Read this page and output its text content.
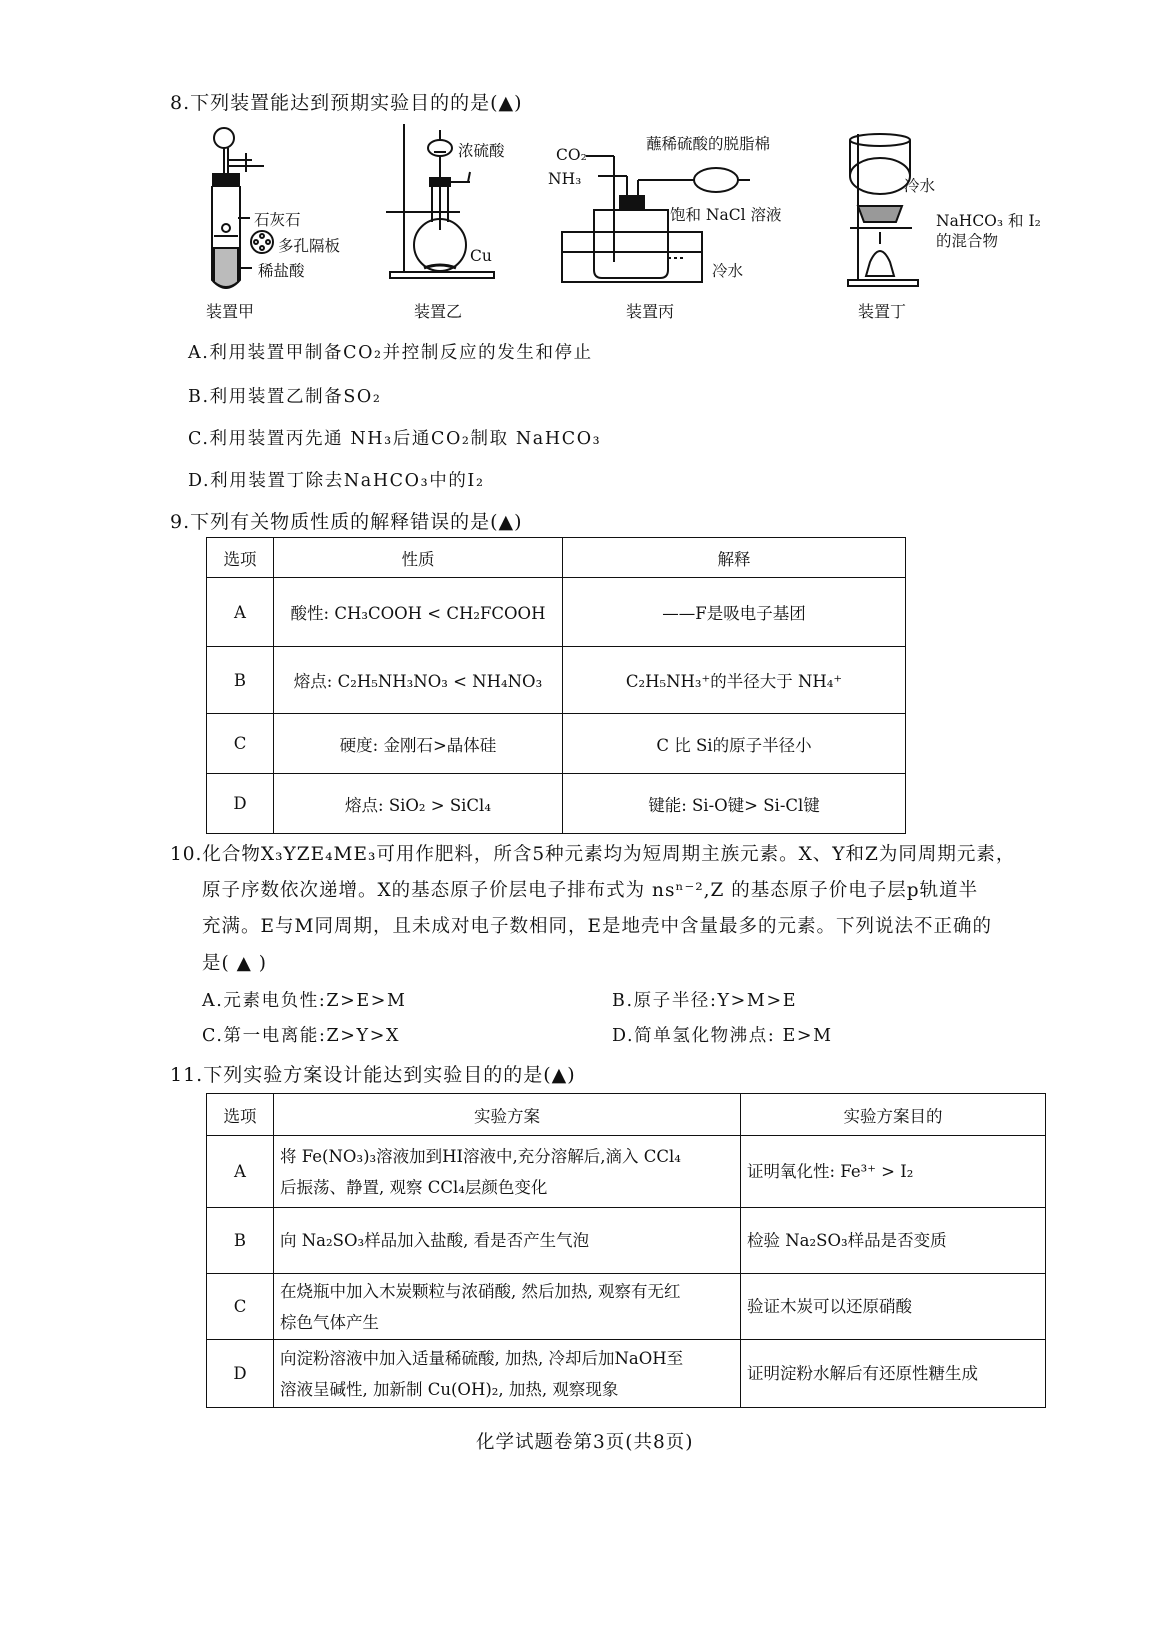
8.下列装置能达到预期实验目的的是(▲)
石灰石
多孔隔板
稀盐酸
浓硫酸
Cu
CO₂
NH₃
蘸稀硫酸的脱脂棉
饱和 NaCl 溶液
冷水
冷水
NaHCO₃ 和 I₂
的混合物
装置甲	装置乙	装置丙	装置丁
A.利用装置甲制备CO₂并控制反应的发生和停止
B.利用装置乙制备SO₂
C.利用装置丙先通 NH₃后通CO₂制取 NaHCO₃
D.利用装置丁除去NaHCO₃中的I₂
9.下列有关物质性质的解释错误的是(▲)
选项	性质	解释
A	酸性: CH₃COOH < CH₂FCOOH	——F是吸电子基团
B	熔点: C₂H₅NH₃NO₃ < NH₄NO₃	C₂H₅NH₃⁺的半径大于 NH₄⁺
C	硬度: 金刚石>晶体硅	C 比 Si的原子半径小
D	熔点: SiO₂ > SiCl₄	键能: Si-O键> Si-Cl键
10.化合物X₃YZE₄ME₃可用作肥料，所含5种元素均为短周期主族元素。X、Y和Z为同周期元素，
原子序数依次递增。X的基态原子价层电子排布式为 nsⁿ⁻²,Z 的基态原子价电子层p轨道半
充满。E与M同周期，且未成对电子数相同，E是地壳中含量最多的元素。下列说法不正确的
是( ▲ )
A.元素电负性:Z>E>M	B.原子半径:Y>M>E
C.第一电离能:Z>Y>X	D.简单氢化物沸点: E>M
11.下列实验方案设计能达到实验目的的是(▲)
选项	实验方案	实验方案目的
A	将 Fe(NO₃)₃溶液加到HI溶液中,充分溶解后,滴入 CCl₄
后振荡、静置, 观察 CCl₄层颜色变化	证明氧化性: Fe³⁺ > I₂
B	向 Na₂SO₃样品加入盐酸, 看是否产生气泡	检验 Na₂SO₃样品是否变质
C	在烧瓶中加入木炭颗粒与浓硝酸, 然后加热, 观察有无红
棕色气体产生	验证木炭可以还原硝酸
D	向淀粉溶液中加入适量稀硫酸, 加热, 冷却后加NaOH至
溶液呈碱性, 加新制 Cu(OH)₂, 加热, 观察现象	证明淀粉水解后有还原性糖生成
化学试题卷第3页(共8页)
